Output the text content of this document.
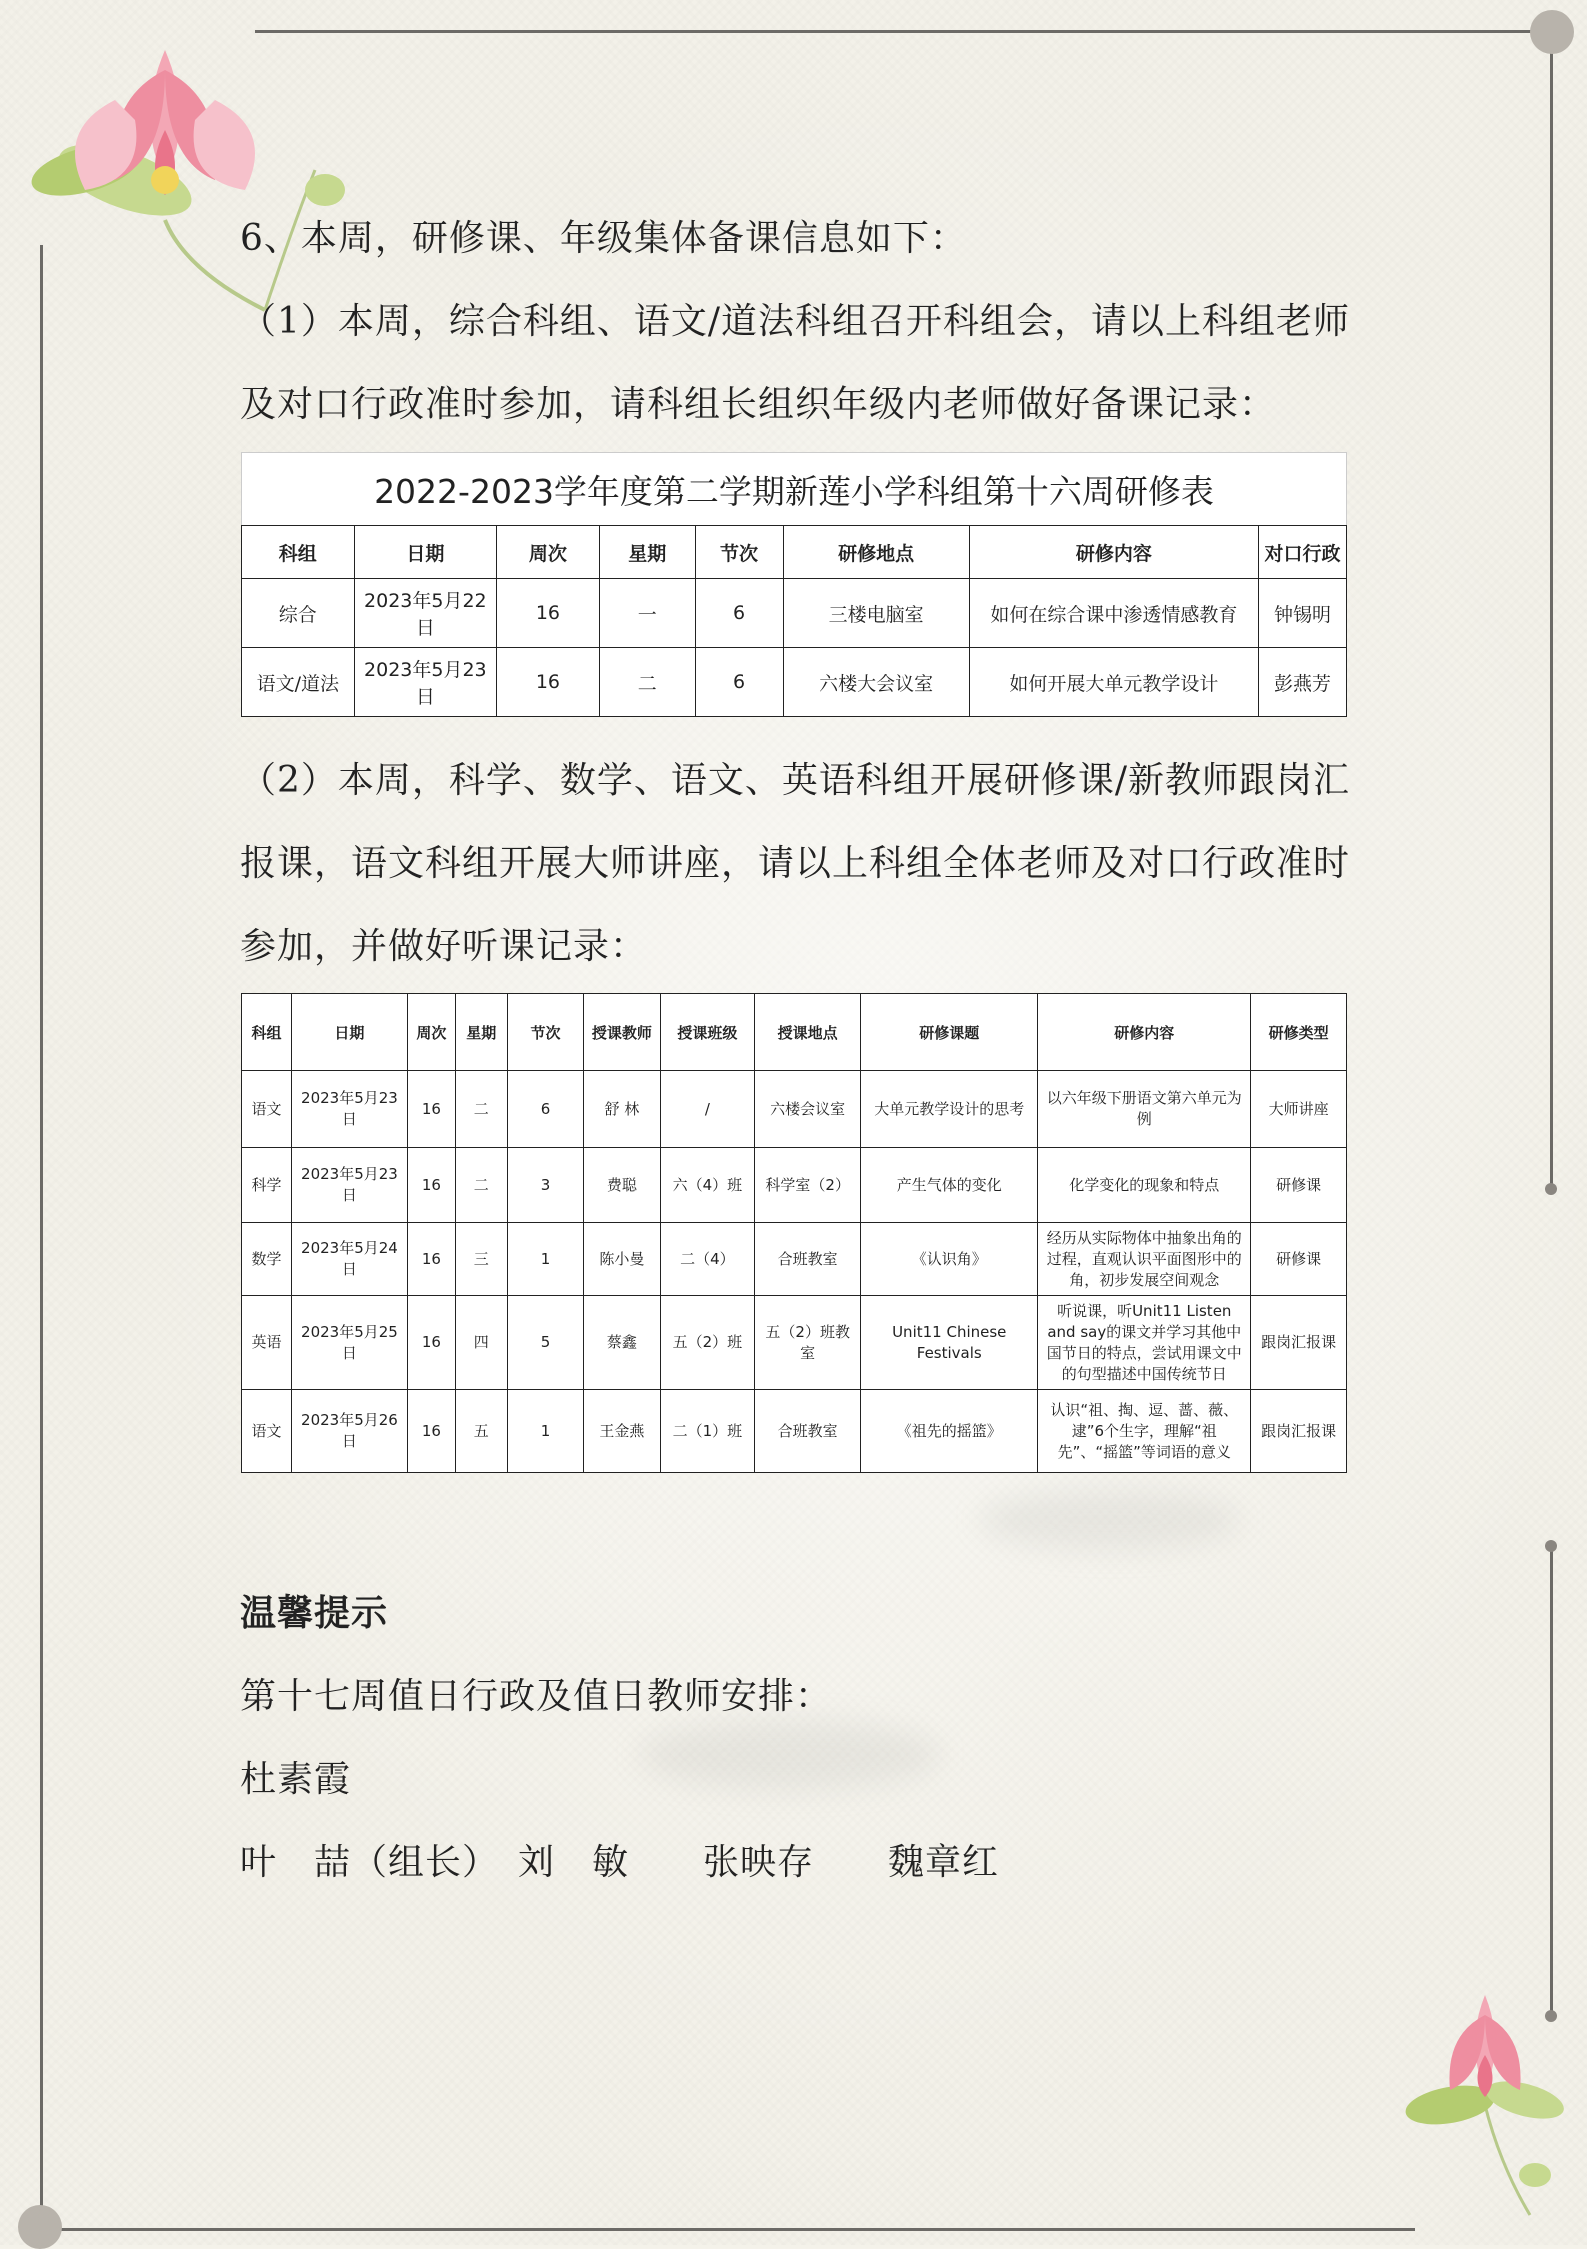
6、本周，研修课、年级集体备课信息如下：
（1）本周，综合科组、语文/道法科组召开科组会，请以上科组老师
及对口行政准时参加，请科组长组织年级内老师做好备课记录：
2022-2023学年度第二学期新莲小学科组第十六周研修表							
科组	日期	周次	星期	节次	研修地点	研修内容	对口行政
综合	2023年5月22日	16	一	6	三楼电脑室	如何在综合课中渗透情感教育	钟锡明
语文/道法	2023年5月23日	16	二	6	六楼大会议室	如何开展大单元教学设计	彭燕芳
（2）本周，科学、数学、语文、英语科组开展研修课/新教师跟岗汇
报课，语文科组开展大师讲座，请以上科组全体老师及对口行政准时
参加，并做好听课记录：
科组	日期	周次	星期	节次	授课教师	授课班级	授课地点	研修课题	研修内容	研修类型
语文	2023年5月23日	16	二	6	舒 林	/	六楼会议室	大单元教学设计的思考	以六年级下册语文第六单元为例	大师讲座
科学	2023年5月23日	16	二	3	费聪	六（4）班	科学室（2）	产生气体的变化	化学变化的现象和特点	研修课
数学	2023年5月24日	16	三	1	陈小曼	二（4）	合班教室	《认识角》	经历从实际物体中抽象出角的过程，直观认识平面图形中的角，初步发展空间观念	研修课
英语	2023年5月25日	16	四	5	蔡鑫	五（2）班	五（2）班教室	Unit11 Chinese Festivals	听说课，听Unit11 Listen and say的课文并学习其他中国节日的特点，尝试用课文中的句型描述中国传统节日	跟岗汇报课
语文	2023年5月26日	16	五	1	王金燕	二（1）班	合班教室	《祖先的摇篮》	认识“祖、掏、逗、蔷、薇、逮”6个生字，理解“祖先”、“摇篮”等词语的意义	跟岗汇报课
温馨提示
第十七周值日行政及值日教师安排：
杜素霞
叶　喆（组长）　刘　敏　　张映存　　魏章红
